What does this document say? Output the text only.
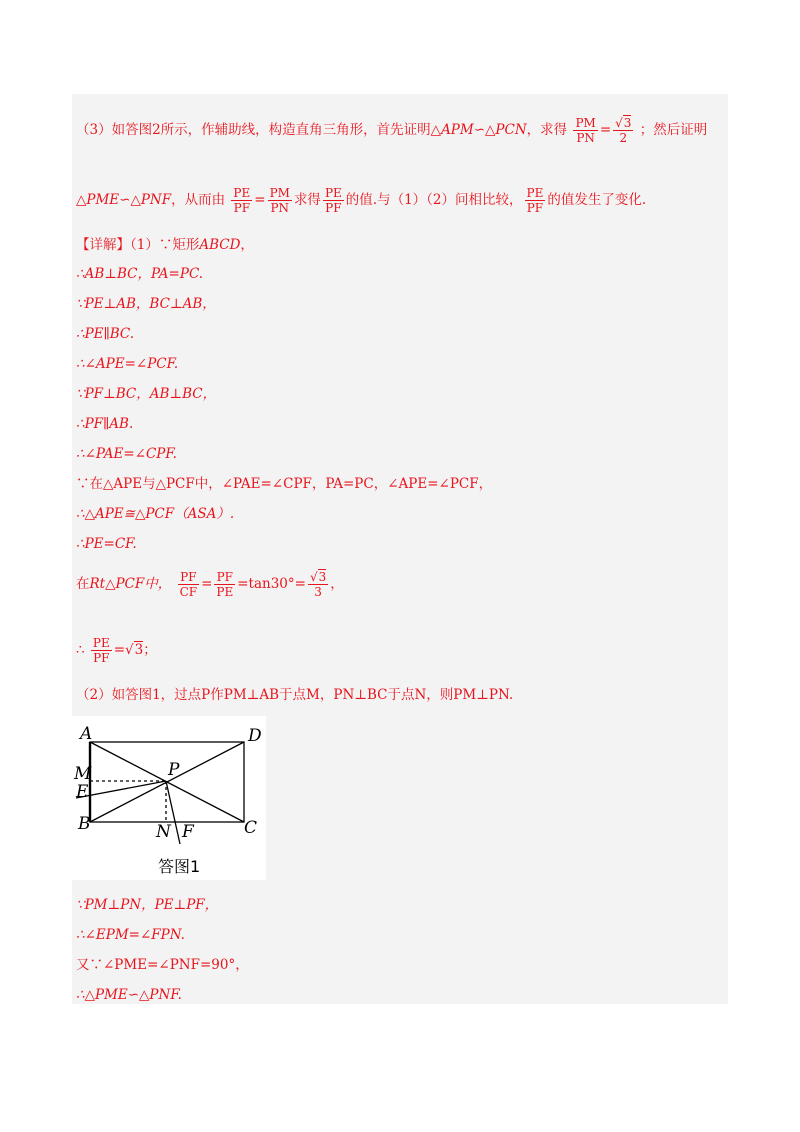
（3）如答图2所示，作辅助线，构造直角三角形，首先证明△APM∽△PCN，求得 $\frac{PM}{PN} = \frac{√3}{2}$ ；然后证明
△PME∽△PNF，从而由 $\frac{PE}{PF} = \frac{PM}{PN}$ 求得 $\frac{PE}{PF}$ 的值.与（1）（2）问相比较， $\frac{PE}{PF}$ 的值发生了变化.
【详解】（1）∵矩形ABCD，
∴AB⊥BC，PA=PC.
∵PE⊥AB，BC⊥AB，
∴PE∥BC.
∴∠APE=∠PCF.
∵PF⊥BC，AB⊥BC，
∴PF∥AB.
∴∠PAE=∠CPF.
∵在△APE与△PCF中，∠PAE=∠CPF，PA=PC，∠APE=∠PCF，
∴△APE≅△PCF（ASA）.
∴PE=CF.
在Rt△PCF中， $\frac{PF}{CF} = \frac{PF}{PE} =\tan 30^\circ= \frac{√3}{3}$ ，
∴ $\frac{PE}{PF} =√3$；
（2）如答图1，过点P作PM⊥AB于点M，PN⊥BC于点N，则PM⊥PN.
A	D
M	P
E
B	N F	C
答图1
∵PM⊥PN，PE⊥PF，
∴∠EPM=∠FPN.
又∵∠PME=∠PNF=90°，
∴△PME∽△PNF.
